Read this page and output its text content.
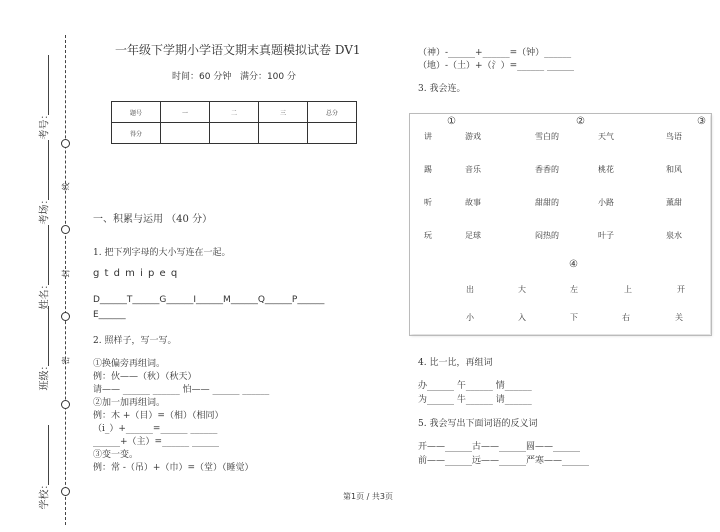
考号：
考场：
姓名：
班级：
学校：
线
封
密
一年级下学期小学语文期末真题模拟试卷 DV1
时间：60 分钟 满分：100 分
题号	一	二	三	总分
得分				
一、积累与运用 （40 分）
1. 把下列字母的大小写连在一起。
g t d m i p e q
D______T______G______I______M______Q______P______
E______
2. 照样子，写一写。
①换偏旁再组词。
例：伙——（秋）（秋天）
请—— ______ ______ 怕—— ______ ______
②加一加再组词。
例：木 +（目）=（相）（相同）
（i_）+______=______ ______
______+（主）=______ ______
③变一变。
例：常 -（吊）+（巾）=（堂）（睡觉）
（神）-______+______=（钟）______
（地）-（土）+（氵）=______ ______
3. 我会连。
①	②	③
讲	游戏	雪白的	天气	鸟语
踢	音乐	香香的	桃花	和风
听	故事	甜甜的	小路	薰甜
玩	足球	闷热的	叶子	泉水
④
出	大	左	上	开
小	入	下	右	关
4. 比一比，再组词
办______ 午______ 情______
为______ 牛______ 请______
5. 我会写出下面词语的反义词
开——______古——______圆——______
前——______远——______严寒——______
第1页 / 共3页
